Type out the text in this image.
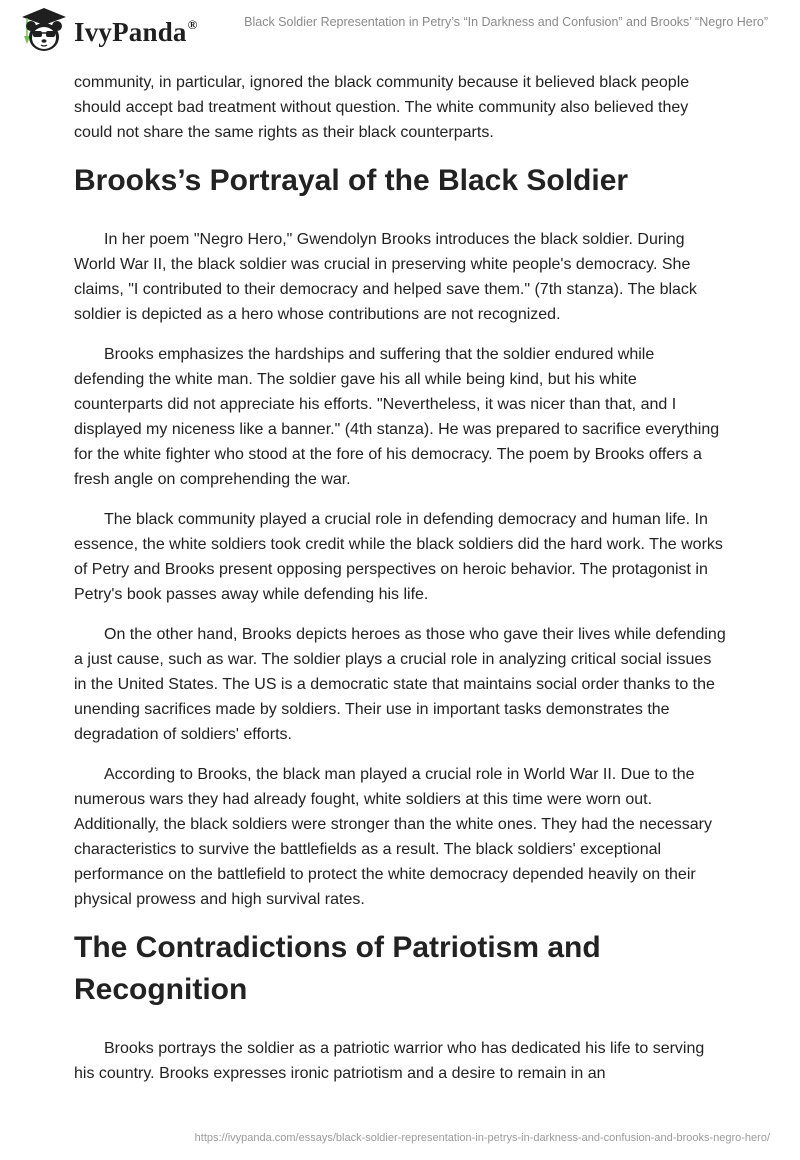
IvyPanda®	Black Soldier Representation in Petry’s “In Darkness and Confusion” and Brooks’ “Negro Hero”

community, in particular, ignored the black community because it believed black people should accept bad treatment without question. The white community also believed they could not share the same rights as their black counterparts.

Brooks’s Portrayal of the Black Soldier

In her poem "Negro Hero," Gwendolyn Brooks introduces the black soldier. During World War II, the black soldier was crucial in preserving white people's democracy. She claims, "I contributed to their democracy and helped save them." (7th stanza). The black soldier is depicted as a hero whose contributions are not recognized.

Brooks emphasizes the hardships and suffering that the soldier endured while defending the white man. The soldier gave his all while being kind, but his white counterparts did not appreciate his efforts. "Nevertheless, it was nicer than that, and I displayed my niceness like a banner." (4th stanza). He was prepared to sacrifice everything for the white fighter who stood at the fore of his democracy. The poem by Brooks offers a fresh angle on comprehending the war.

The black community played a crucial role in defending democracy and human life. In essence, the white soldiers took credit while the black soldiers did the hard work. The works of Petry and Brooks present opposing perspectives on heroic behavior. The protagonist in Petry's book passes away while defending his life.

On the other hand, Brooks depicts heroes as those who gave their lives while defending a just cause, such as war. The soldier plays a crucial role in analyzing critical social issues in the United States. The US is a democratic state that maintains social order thanks to the unending sacrifices made by soldiers. Their use in important tasks demonstrates the degradation of soldiers' efforts.

According to Brooks, the black man played a crucial role in World War II. Due to the numerous wars they had already fought, white soldiers at this time were worn out. Additionally, the black soldiers were stronger than the white ones. They had the necessary characteristics to survive the battlefields as a result. The black soldiers' exceptional performance on the battlefield to protect the white democracy depended heavily on their physical prowess and high survival rates.

The Contradictions of Patriotism and Recognition

Brooks portrays the soldier as a patriotic warrior who has dedicated his life to serving his country. Brooks expresses ironic patriotism and a desire to remain in an

https://ivypanda.com/essays/black-soldier-representation-in-petrys-in-darkness-and-confusion-and-brooks-negro-hero/
